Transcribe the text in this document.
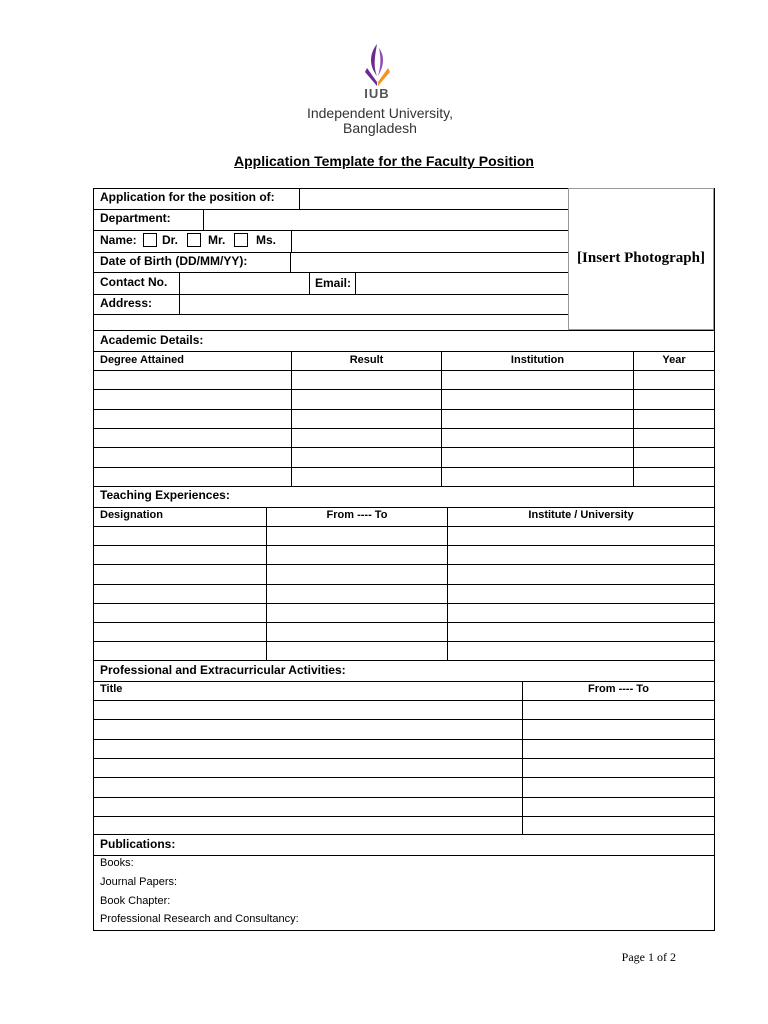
IUB
Independent University,
Bangladesh
Application Template for the Faculty Position
[Insert Photograph]
Application for the position of:
Department:
Name: Dr. Mr.	Ms.
Date of Birth (DD/MM/YY):
Contact No.	Email:
Address:
Academic Details:
Degree Attained	Result	Institution	Year
Teaching Experiences:
Designation	From ---- To	Institute / University
Professional and Extracurricular Activities:
Title	From ---- To
Publications:
Books:
Journal Papers:
Book Chapter:
Professional Research and Consultancy:
Page 1 of 2
